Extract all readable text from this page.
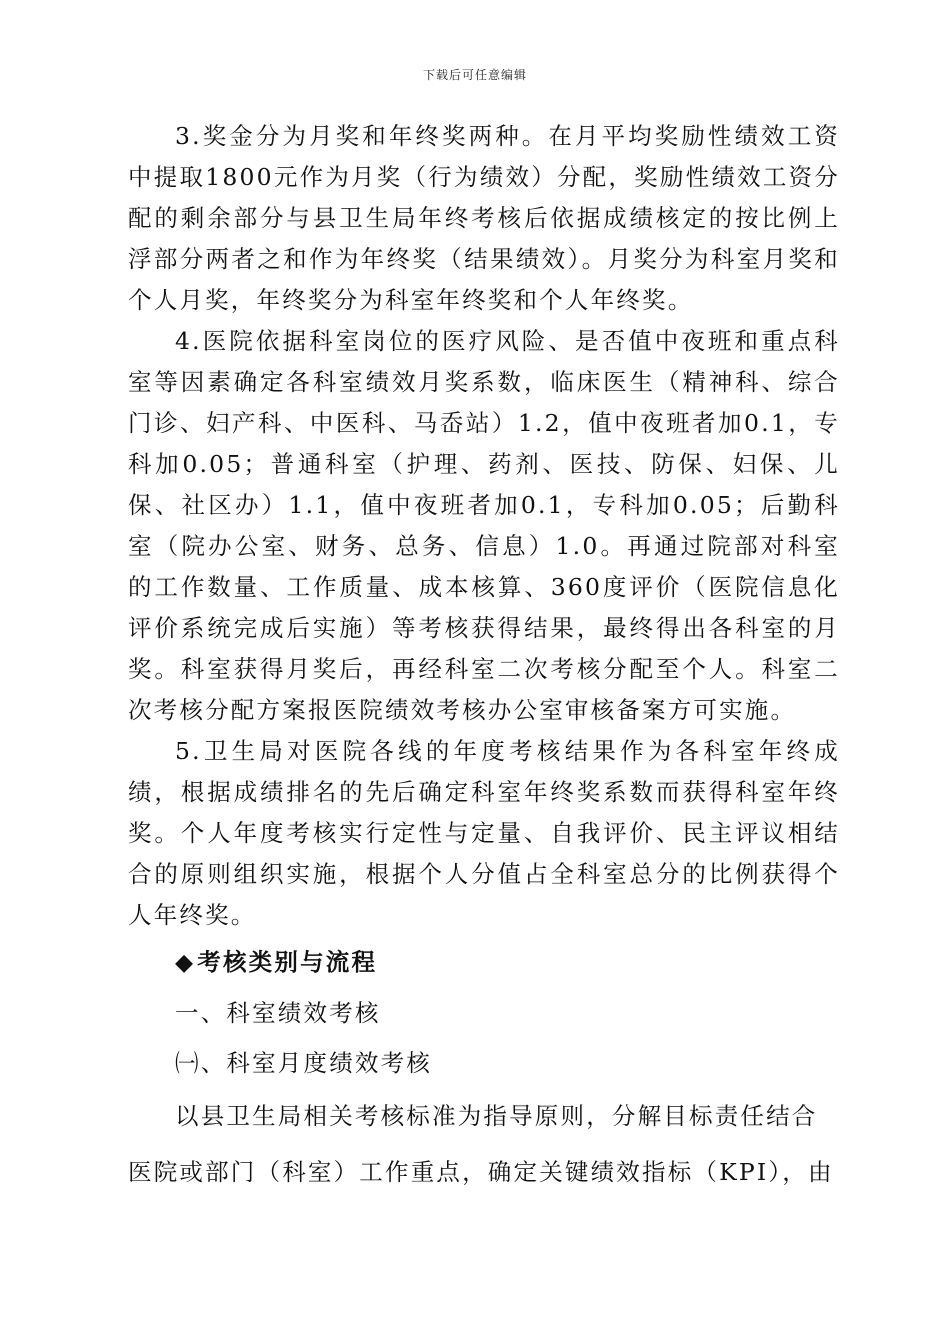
下载后可任意编辑

3.奖金分为月奖和年终奖两种。在月平均奖励性绩效工资中提取1800元作为月奖（行为绩效）分配，奖励性绩效工资分配的剩余部分与县卫生局年终考核后依据成绩核定的按比例上浮部分两者之和作为年终奖（结果绩效）。月奖分为科室月奖和个人月奖，年终奖分为科室年终奖和个人年终奖。

4.医院依据科室岗位的医疗风险、是否值中夜班和重点科室等因素确定各科室绩效月奖系数，临床医生（精神科、综合门诊、妇产科、中医科、马岙站）1.2，值中夜班者加0.1，专科加0.05；普通科室（护理、药剂、医技、防保、妇保、儿保、社区办）1.1，值中夜班者加0.1，专科加0.05；后勤科室（院办公室、财务、总务、信息）1.0。再通过院部对科室的工作数量、工作质量、成本核算、360度评价（医院信息化评价系统完成后实施）等考核获得结果，最终得出各科室的月奖。科室获得月奖后，再经科室二次考核分配至个人。科室二次考核分配方案报医院绩效考核办公室审核备案方可实施。

5.卫生局对医院各线的年度考核结果作为各科室年终成绩，根据成绩排名的先后确定科室年终奖系数而获得科室年终奖。个人年度考核实行定性与定量、自我评价、民主评议相结合的原则组织实施，根据个人分值占全科室总分的比例获得个人年终奖。

◆考核类别与流程

一、科室绩效考核

㈠、科室月度绩效考核

以县卫生局相关考核标准为指导原则，分解目标责任结合

医院或部门（科室）工作重点，确定关键绩效指标（KPI），由
